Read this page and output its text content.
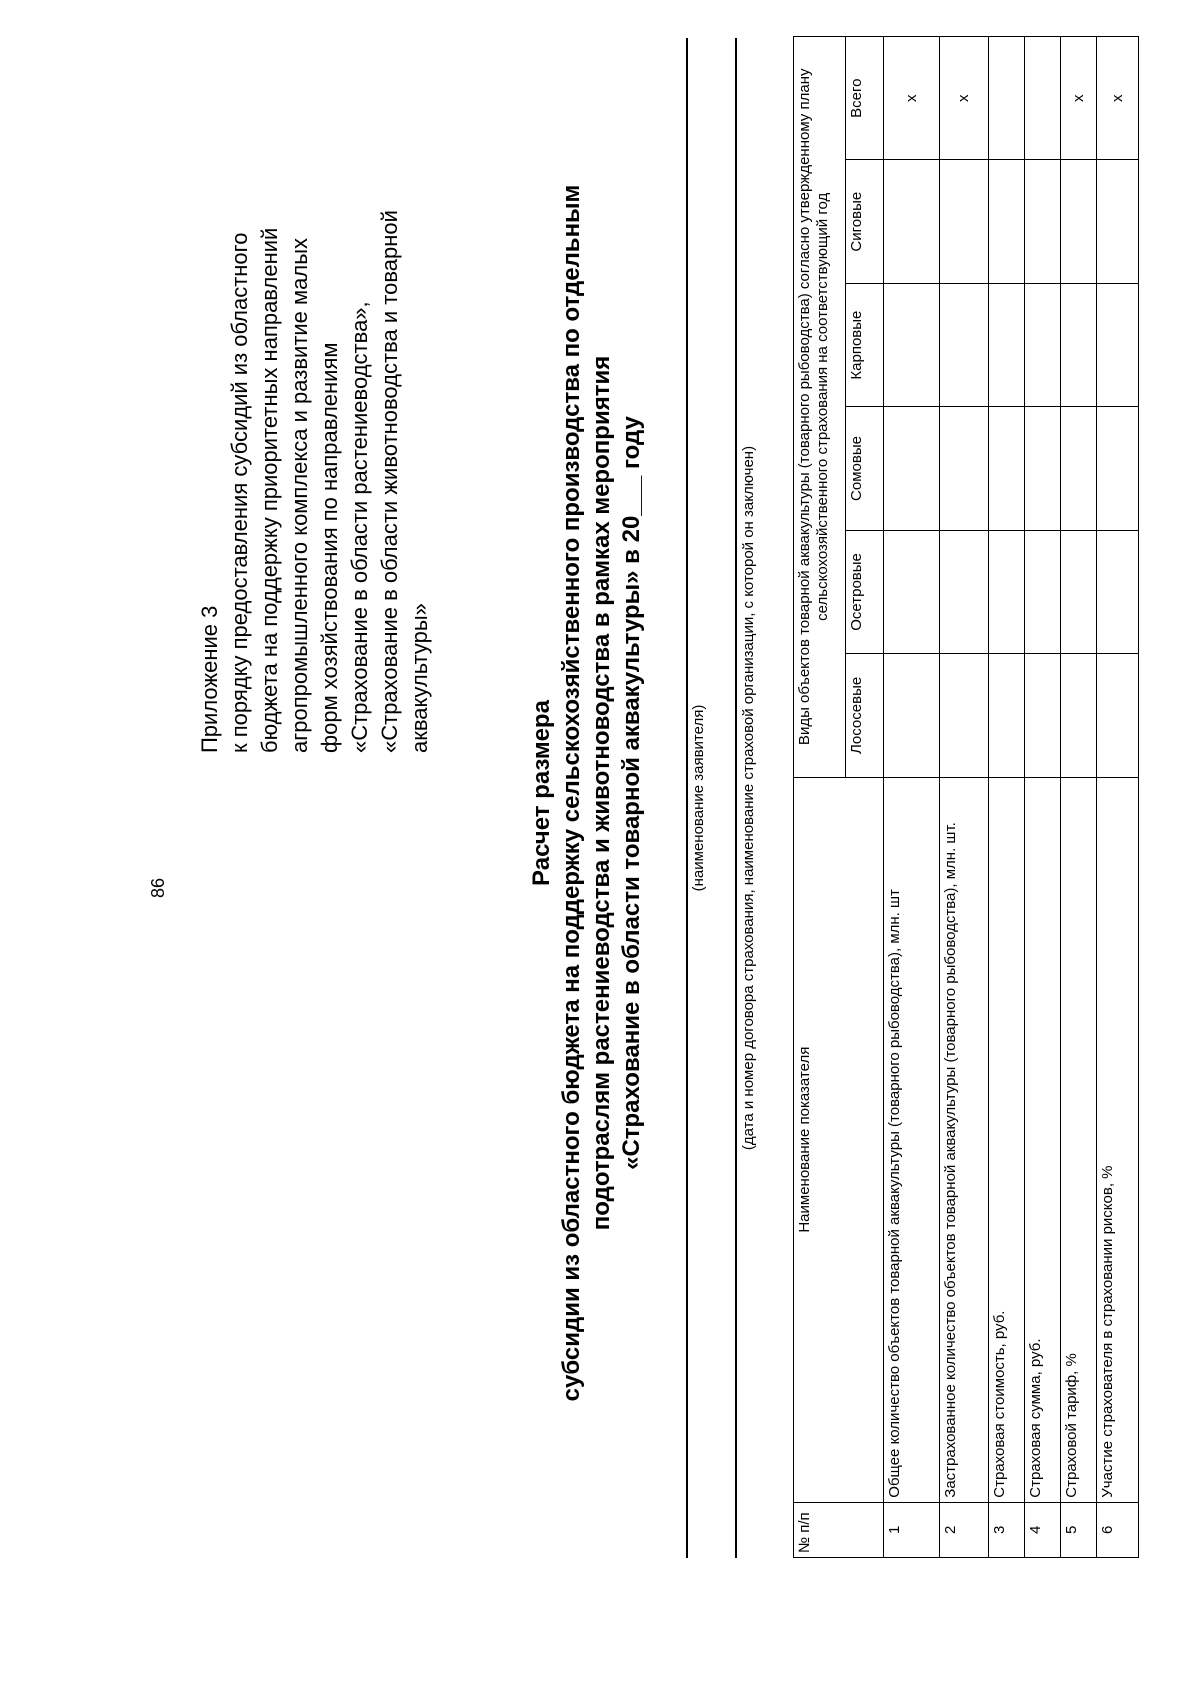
86
Приложение 3 к порядку предоставления субсидий из областного бюджета на поддержку приоритетных направлений агропромышленного комплекса и развитие малых форм хозяйствования по направлениям «Страхование в области растениеводства», «Страхование в области животноводства и товарной аквакультуры»
Расчет размера субсидии из областного бюджета на поддержку сельскохозяйственного производства по отдельным подотраслям растениеводства и животноводства в рамках мероприятия «Страхование в области товарной аквакультуры» в 20___ году	(наименование заявителя) (дата и номер договора страхования, наименование страховой организации, с которой он заключен)
№ п/п	Наименование показателя	Виды объектов товарной аквакультуры (товарного рыбоводства) согласно утвержденному плану сельскохозяйственного страхования на соответствующий год					
		Лососевые	Осетровые	Сомовые	Карповые	Сиговые	Всего
1	Общее количество объектов товарной аквакультуры (товарного рыбоводства), млн. шт						х
2	Застрахованное количество объектов товарной аквакультуры (товарного рыбоводства), млн. шт.						х
3	Страховая стоимость, руб.						
4	Страховая сумма, руб.						
5	Страховой тариф, %						х
6	Участие страхователя в страховании рисков, %						х
